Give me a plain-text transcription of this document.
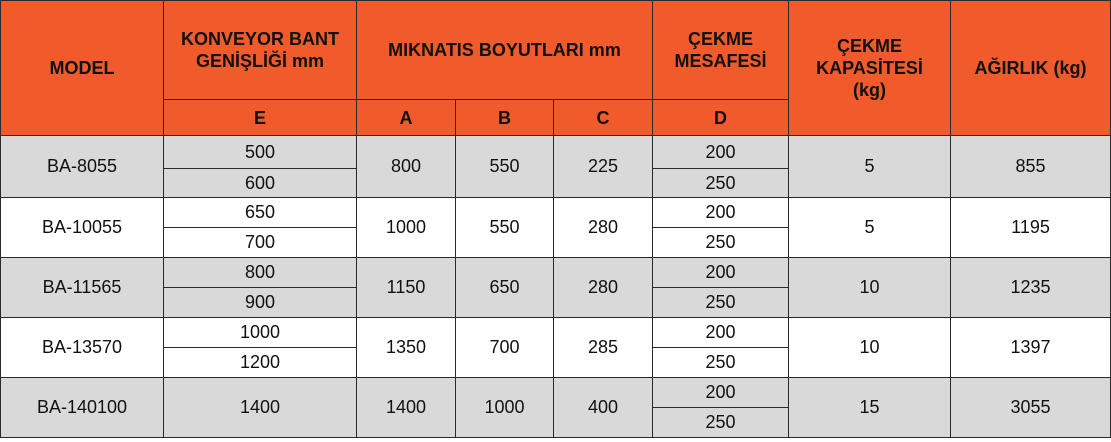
MODEL	KONVEYOR BANT GENİŞLİĞİ mm	MIKNATIS BOYUTLARI mm			ÇEKME MESAFESİ	ÇEKME KAPASİTESİ (kg)	AĞIRLIK (kg)
	E	A	B	C	D		
BA-8055	500	800	550	225	200	5	855
	600				250		
BA-10055	650	1000	550	280	200	5	1195
	700				250		
BA-11565	800	1150	650	280	200	10	1235
	900				250		
BA-13570	1000	1350	700	285	200	10	1397
	1200				250		
BA-140100	1400	1400	1000	400	200	15	3055
					250		
